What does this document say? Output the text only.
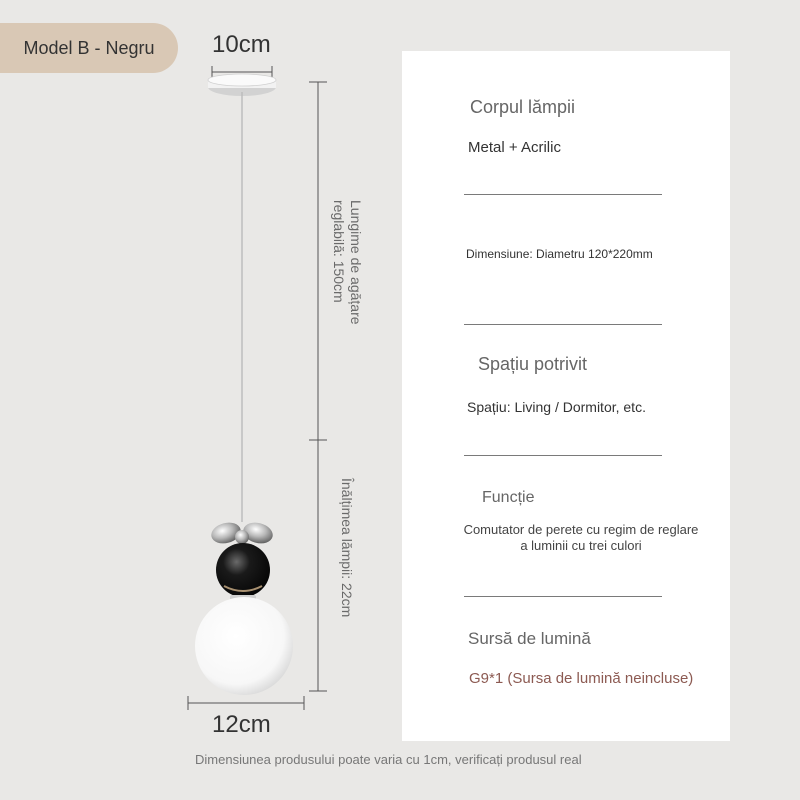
Model B - Negru 10cm
12cm
Lungime de agățare reglabilă: 150cm
Înălțimea lămpii: 22cm
Corpul lămpii
Metal + Acrilic
Dimensiune: Diametru 120*220mm
Spațiu potrivit
Spațiu: Living / Dormitor, etc.
Funcție
Comutator de perete cu regim de reglare a luminii cu trei culori
Sursă de lumină
G9*1 (Sursa de lumină neincluse)
Dimensiunea produsului poate varia cu 1cm, verificați produsul real
